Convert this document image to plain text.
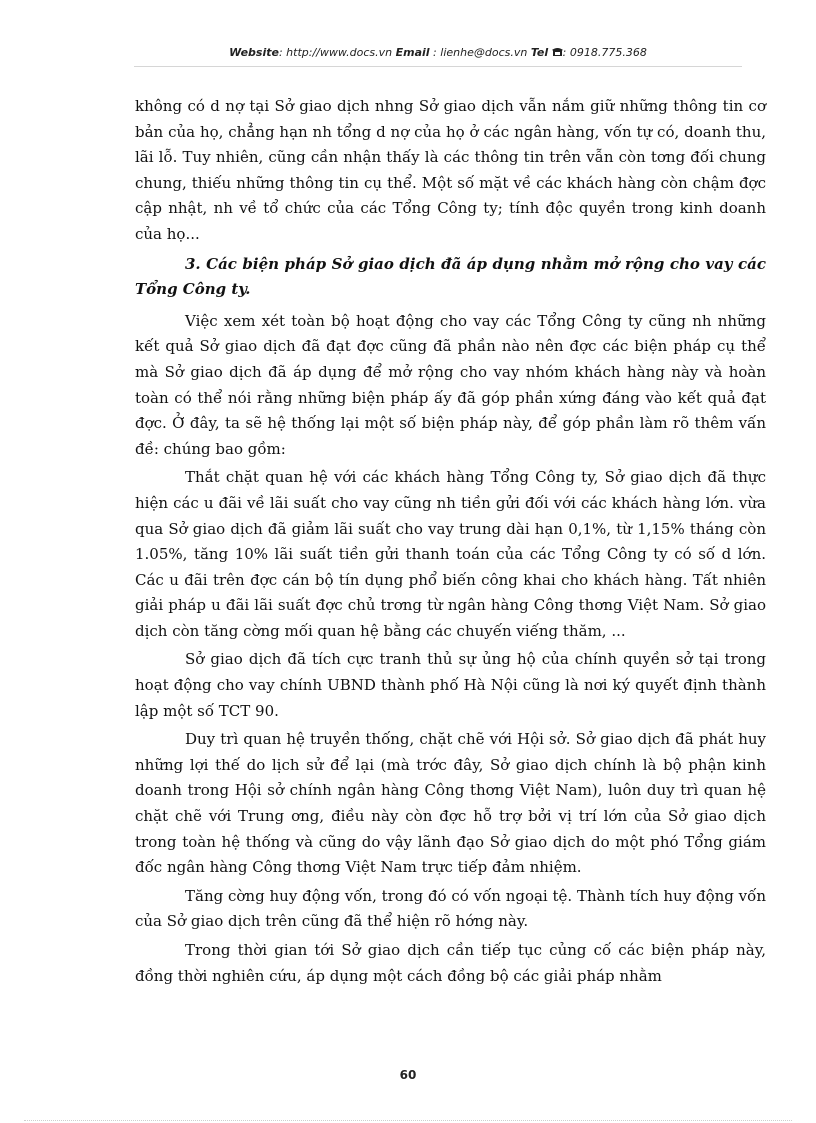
Website: http://www.docs.vn Email : lienhe@docs.vn Tel : 0918.775.368

không có d nợ tại Sở giao dịch nhng Sở giao dịch vẫn nắm giữ những thông tin cơ bản của họ, chẳng hạn nh tổng d nợ của họ ở các ngân hàng, vốn tự có, doanh thu, lãi lỗ. Tuy nhiên, cũng cần nhận thấy là các thông tin trên vẫn còn tơng đối chung chung, thiếu những thông tin cụ thể. Một số mặt về các khách hàng còn chậm đợc cập nhật, nh về tổ chức của các Tổng Công ty; tính độc quyền trong kinh doanh của họ...

3. Các biện pháp Sở giao dịch đã áp dụng nhằm mở rộng cho vay các Tổng Công ty.

Việc xem xét toàn bộ hoạt động cho vay các Tổng Công ty cũng nh những kết quả Sở giao dịch đã đạt đợc cũng đã phần nào nên đợc các biện pháp cụ thể mà Sở giao dịch đã áp dụng để mở rộng cho vay nhóm khách hàng này và hoàn toàn có thể nói rằng những biện pháp ấy đã góp phần xứng đáng vào kết quả đạt đợc. Ở đây, ta sẽ hệ thống lại một số biện pháp này, để góp phần làm rõ thêm vấn đề: chúng bao gồm:

Thắt chặt quan hệ với các khách hàng Tổng Công ty, Sở giao dịch đã thực hiện các u đãi về lãi suất cho vay cũng nh tiền gửi đối với các khách hàng lớn. vừa qua Sở giao dịch đã giảm lãi suất cho vay trung dài hạn 0,1%, từ 1,15% tháng còn 1.05%, tăng 10% lãi suất tiền gửi thanh toán của các Tổng Công ty có số d lớn. Các u đãi trên đợc cán bộ tín dụng phổ biến công khai cho khách hàng. Tất nhiên giải pháp u đãi lãi suất đợc chủ trơng từ ngân hàng Công thơng Việt Nam. Sở giao dịch còn tăng cờng mối quan hệ bằng các chuyến viếng thăm, ...

Sở giao dịch đã tích cực tranh thủ sự ủng hộ của chính quyền sở tại trong hoạt động cho vay chính UBND thành phố Hà Nội cũng là nơi ký quyết định thành lập một số TCT 90.

Duy trì quan hệ truyền thống, chặt chẽ với Hội sở. Sở giao dịch đã phát huy những lợi thế do lịch sử để lại (mà trớc đây, Sở giao dịch chính là bộ phận kinh doanh trong Hội sở chính ngân hàng Công thơng Việt Nam), luôn duy trì quan hệ chặt chẽ với Trung ơng, điều này còn đợc hỗ trợ bởi vị trí lớn của Sở giao dịch trong toàn hệ thống và cũng do vậy lãnh đạo Sở giao dịch do một phó Tổng giám đốc ngân hàng Công thơng Việt Nam trực tiếp đảm nhiệm.

Tăng cờng huy động vốn, trong đó có vốn ngoại tệ. Thành tích huy động vốn của Sở giao dịch trên cũng đã thể hiện rõ hớng này.

Trong thời gian tới Sở giao dịch cần tiếp tục củng cố các biện pháp này, đồng thời nghiên cứu, áp dụng một cách đồng bộ các giải pháp nhằm

60
